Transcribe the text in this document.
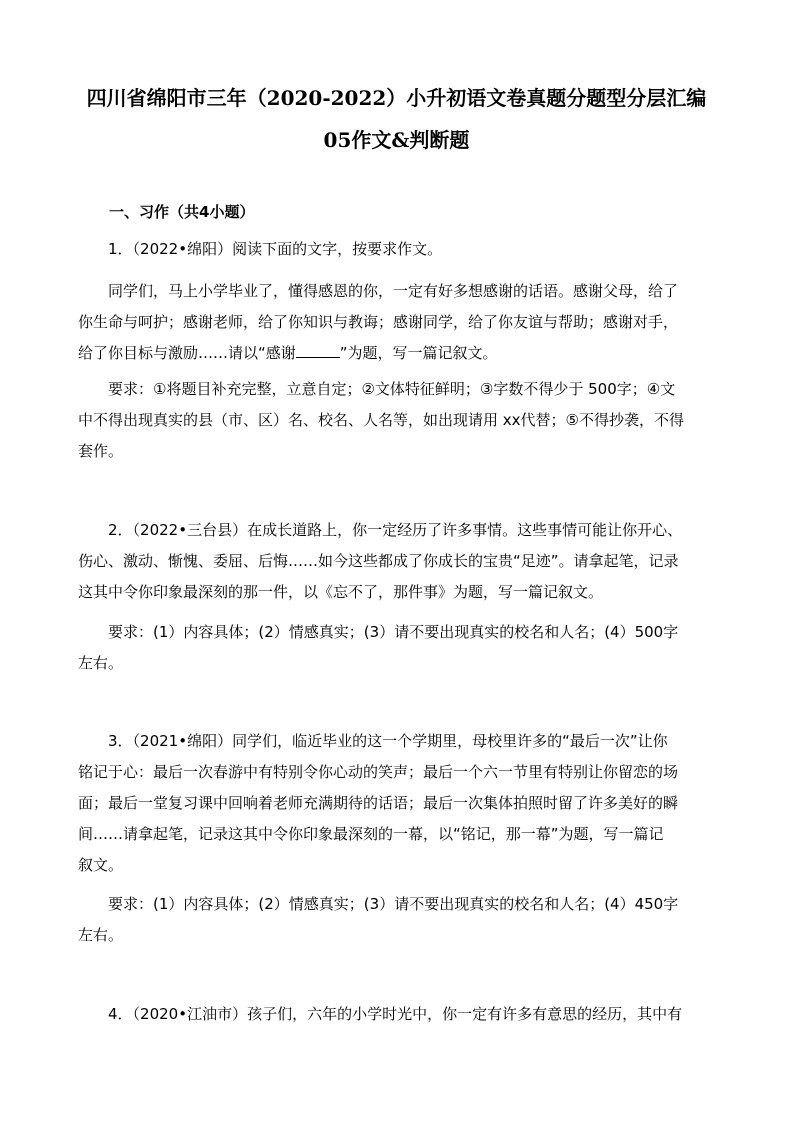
四川省绵阳市三年（2020-2022）小升初语文卷真题分题型分层汇编
05作文&判断题
一、习作（共4小题）
1．（2022•绵阳）阅读下面的文字，按要求作文。
同学们，马上小学毕业了，懂得感恩的你，一定有好多想感谢的话语。感谢父母，给了
你生命与呵护；感谢老师，给了你知识与教诲；感谢同学，给了你友谊与帮助；感谢对手，
给了你目标与激励……请以“感谢	”为题，写一篇记叙文。
要求：①将题目补充完整，立意自定；②文体特征鲜明；③字数不得少于 500字；④文
中不得出现真实的县（市、区）名、校名、人名等，如出现请用 xx代替；⑤不得抄袭，不得
套作。
2．（2022•三台县）在成长道路上，你一定经历了许多事情。这些事情可能让你开心、
伤心、激动、惭愧、委屈、后悔……如今这些都成了你成长的宝贵“足迹”。请拿起笔，记录
这其中令你印象最深刻的那一件，以《忘不了，那件事》为题，写一篇记叙文。
要求：(1）内容具体；(2）情感真实；(3）请不要出现真实的校名和人名；(4）500字
左右。
3．（2021•绵阳）同学们，临近毕业的这一个学期里，母校里许多的“最后一次”让你
铭记于心：最后一次春游中有特别令你心动的笑声；最后一个六一节里有特别让你留恋的场
面；最后一堂复习课中回响着老师充满期待的话语；最后一次集体拍照时留了许多美好的瞬
间……请拿起笔，记录这其中令你印象最深刻的一幕，以“铭记，那一幕”为题，写一篇记
叙文。
要求：(1）内容具体；(2）情感真实；(3）请不要出现真实的校名和人名；(4）450字
左右。
4．（2020•江油市）孩子们，六年的小学时光中，你一定有许多有意思的经历，其中有
